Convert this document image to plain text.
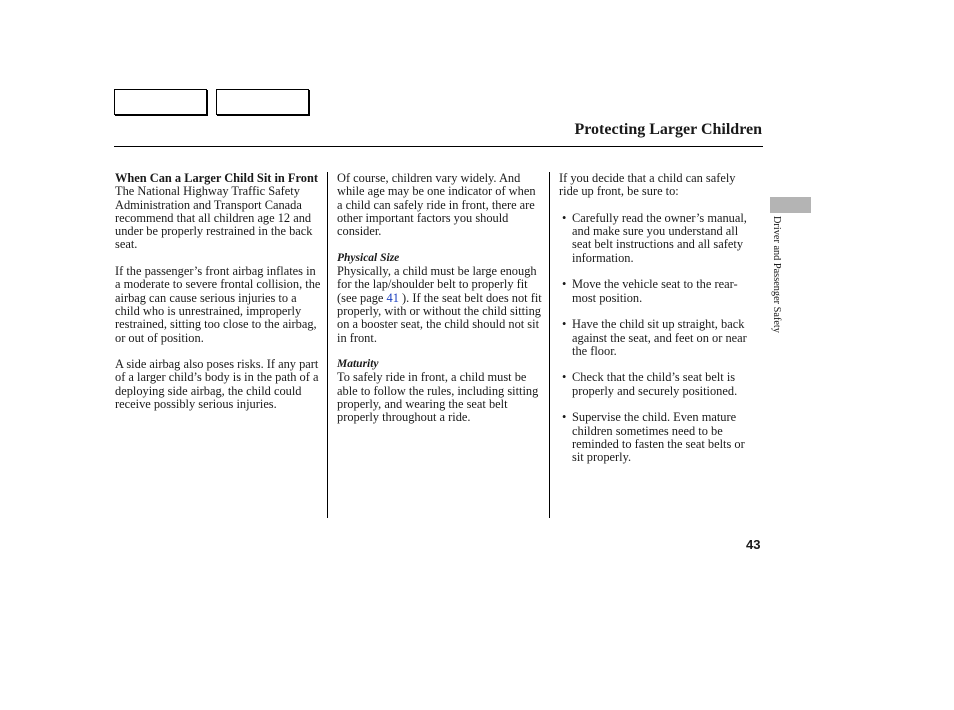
Protecting Larger Children
When Can a Larger Child Sit in Front

The National Highway Traffic Safety Administration and Transport Canada recommend that all children age 12 and under be properly restrained in the back seat.

If the passenger’s front airbag inflates in a moderate to severe frontal collision, the airbag can cause serious injuries to a child who is unrestrained, improperly restrained, sitting too close to the airbag, or out of position.

A side airbag also poses risks. If any part of a larger child’s body is in the path of a deploying side airbag, the child could receive possibly serious injuries.

Of course, children vary widely. And while age may be one indicator of when a child can safely ride in front, there are other important factors you should consider.

Physical Size

Physically, a child must be large enough for the lap/shoulder belt to properly fit (see page 41 ). If the seat belt does not fit properly, with or without the child sitting on a booster seat, the child should not sit in front.

Maturity

To safely ride in front, a child must be able to follow the rules, including sitting properly, and wearing the seat belt properly throughout a ride.

If you decide that a child can safely ride up front, be sure to:

• Carefully read the owner’s manual, and make sure you understand all seat belt instructions and all safety information.
• Move the vehicle seat to the rear-most position.
• Have the child sit up straight, back against the seat, and feet on or near the floor.
• Check that the child’s seat belt is properly and securely positioned.
• Supervise the child. Even mature children sometimes need to be reminded to fasten the seat belts or sit properly.
Driver and Passenger Safety
43
